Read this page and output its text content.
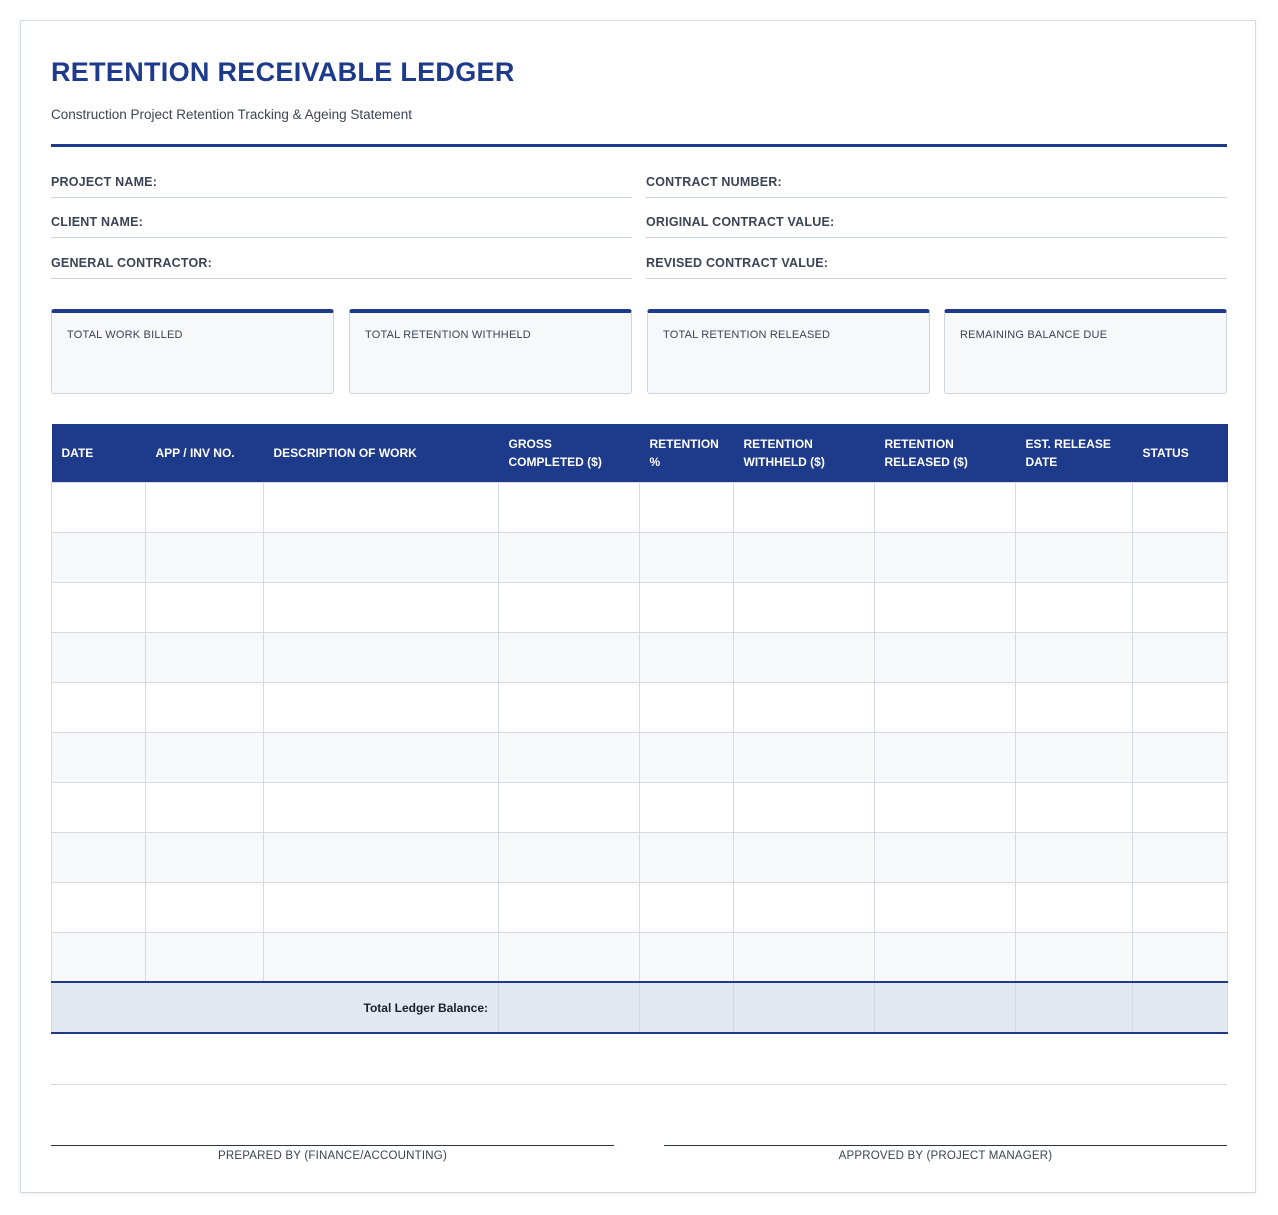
RETENTION RECEIVABLE LEDGER
Construction Project Retention Tracking & Ageing Statement
PROJECT NAME:	CONTRACT NUMBER:
CLIENT NAME:	ORIGINAL CONTRACT VALUE:
GENERAL CONTRACTOR:	REVISED CONTRACT VALUE:
TOTAL WORK BILLED	TOTAL RETENTION WITHHELD	TOTAL RETENTION RELEASED	REMAINING BALANCE DUE
DATE	APP / INV NO.	DESCRIPTION OF WORK	GROSS COMPLETED ($)	RETENTION %	RETENTION WITHHELD ($)	RETENTION RELEASED ($)	EST. RELEASE DATE	STATUS

Total Ledger Balance:								
PREPARED BY (FINANCE/ACCOUNTING)	APPROVED BY (PROJECT MANAGER)
